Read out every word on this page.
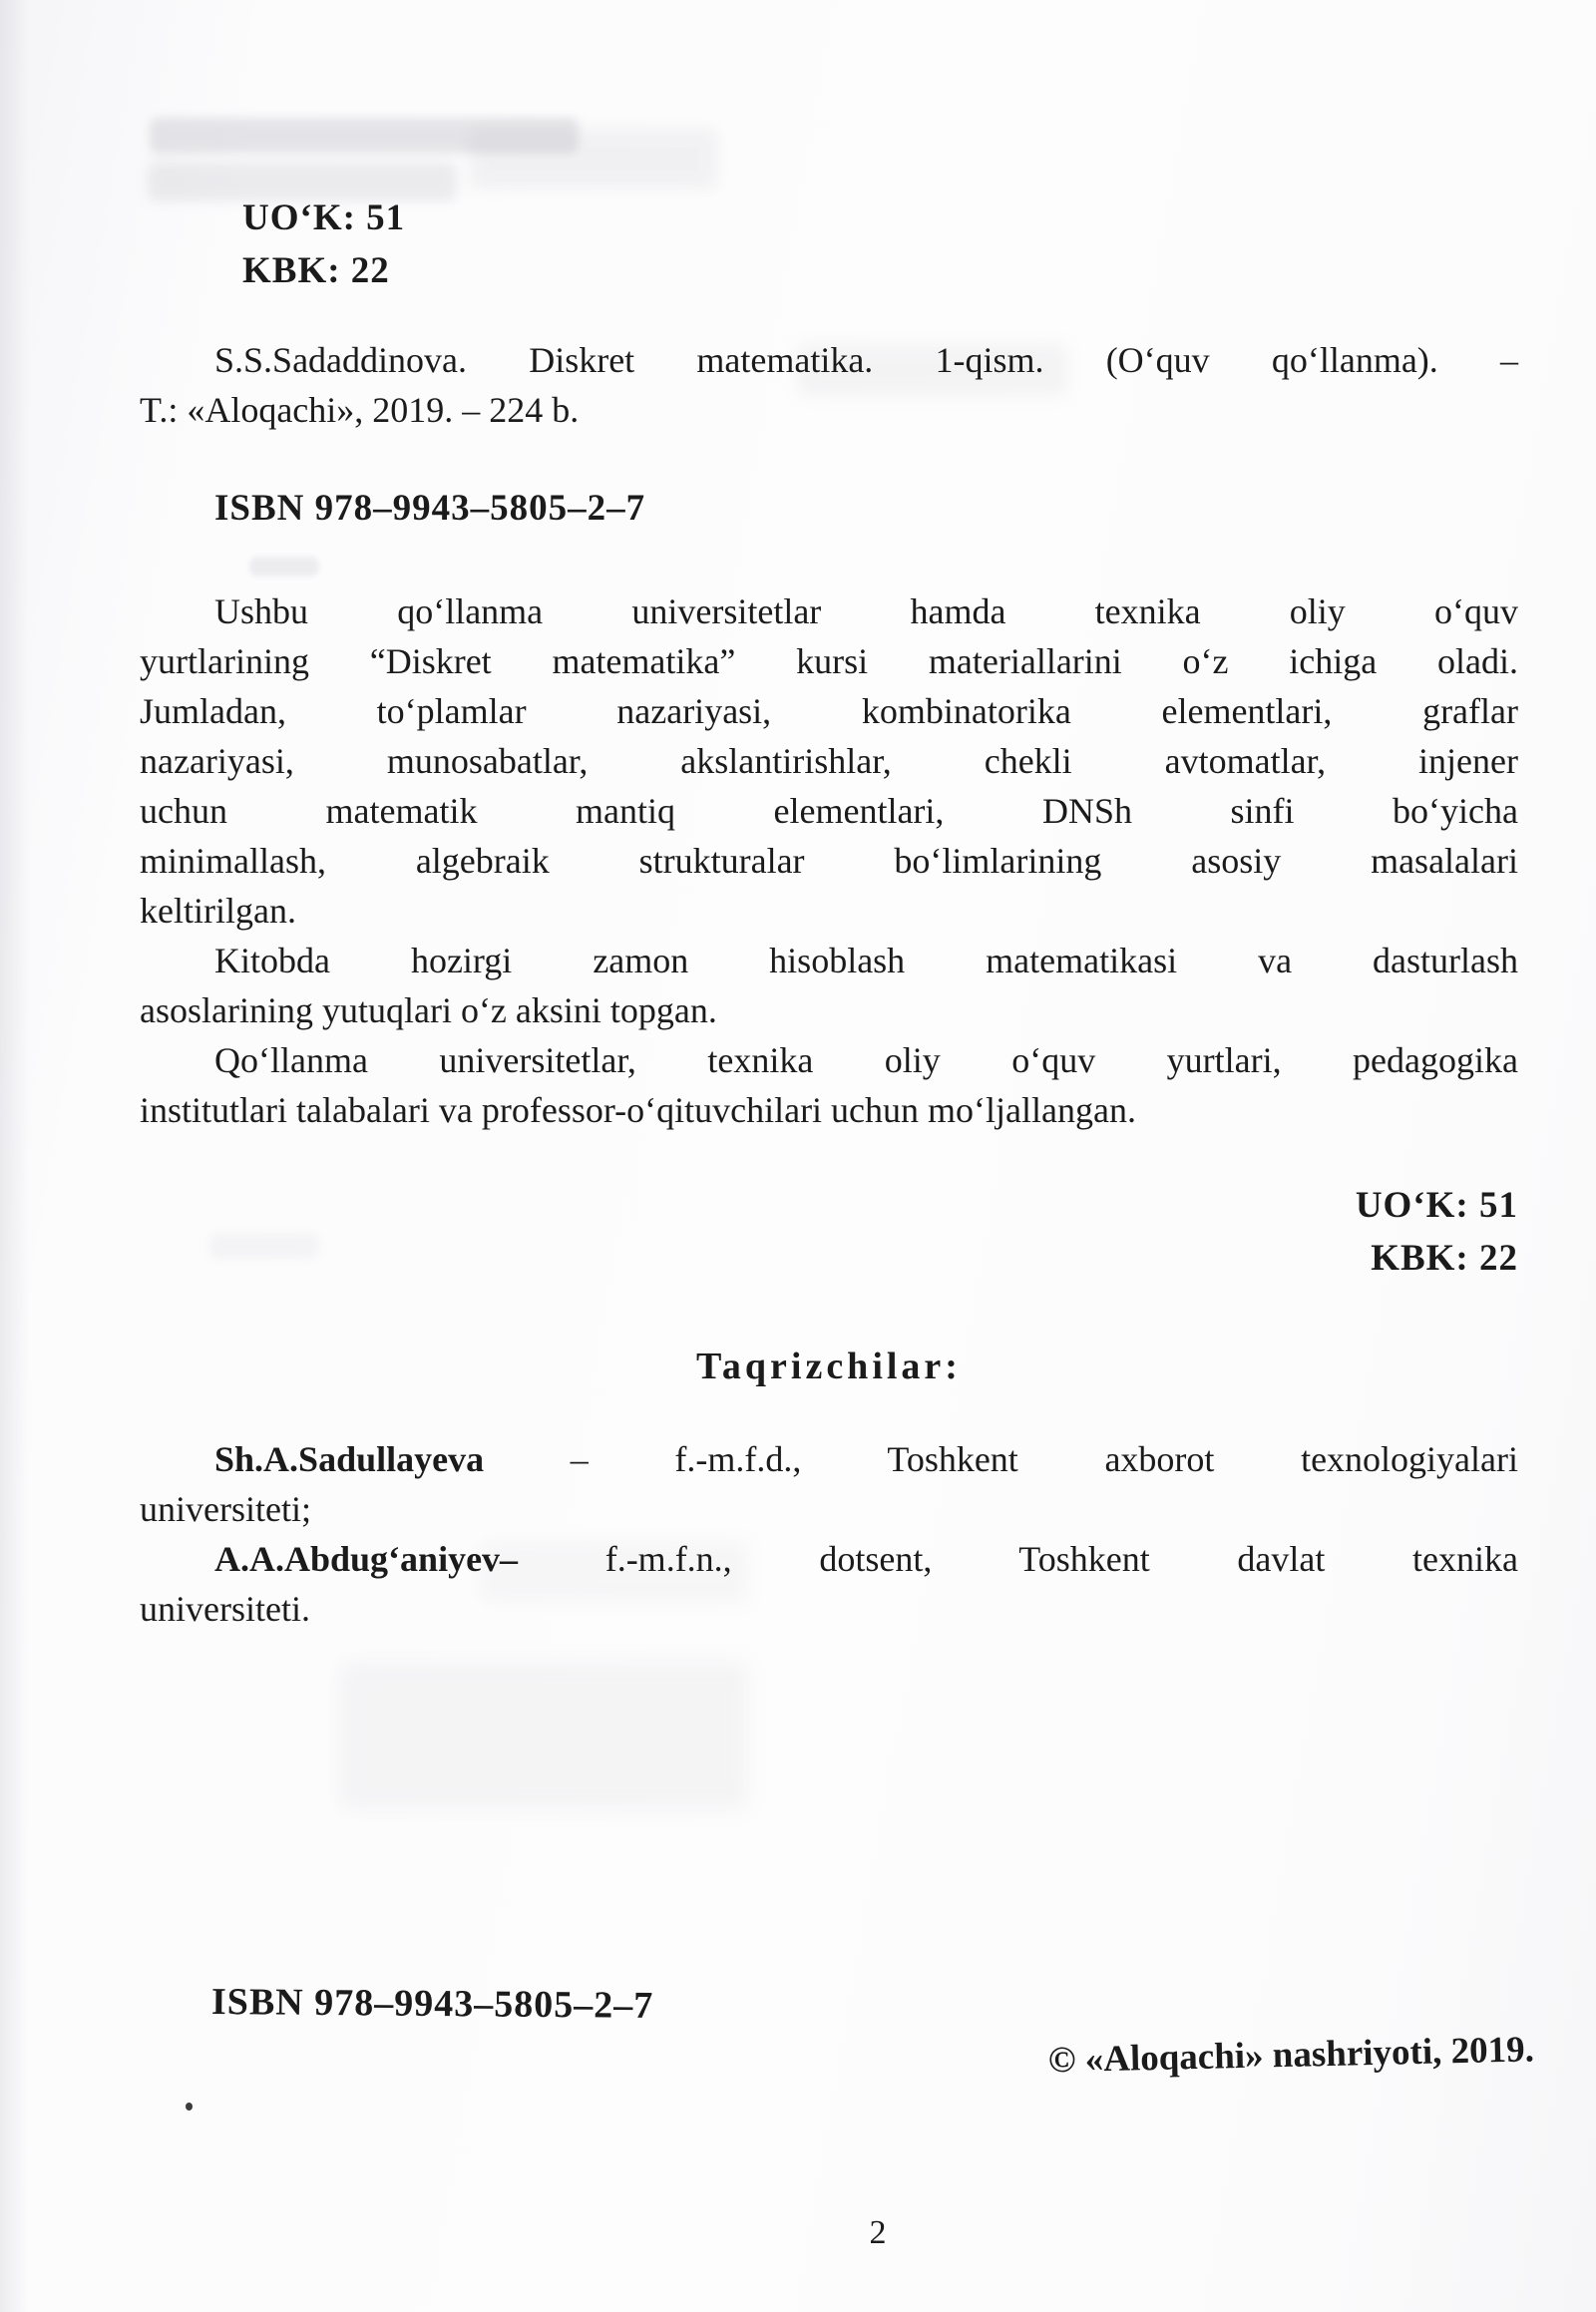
UO‘K: 51
KBK: 22
S.S.Sadaddinova. Diskret matematika. 1-qism. (O‘quv qo‘llanma). –
T.: «Aloqachi», 2019. – 224 b.
ISBN 978–9943–5805–2–7
Ushbu qo‘llanma universitetlar hamda texnika oliy o‘quv
yurtlarining “Diskret matematika” kursi materiallarini o‘z ichiga oladi.
Jumladan, to‘plamlar nazariyasi, kombinatorika elementlari, graflar
nazariyasi, munosabatlar, akslantirishlar, chekli avtomatlar, injener
uchun matematik mantiq elementlari, DNSh sinfi bo‘yicha
minimallash, algebraik strukturalar bo‘limlarining asosiy masalalari
keltirilgan.
Kitobda hozirgi zamon hisoblash matematikasi va dasturlash
asoslarining yutuqlari o‘z aksini topgan.
Qo‘llanma universitetlar, texnika oliy o‘quv yurtlari, pedagogika
institutlari talabalari va professor-o‘qituvchilari uchun mo‘ljallangan.
UO‘K: 51
KBK: 22
Taqrizchilar:
Sh.A.Sadullayeva – f.-m.f.d., Toshkent axborot texnologiyalari
universiteti;
A.A.Abdug‘aniyev– f.-m.f.n., dotsent, Toshkent davlat texnika
universiteti.
ISBN 978–9943–5805–2–7
© «Aloqachi» nashriyoti, 2019.
2
